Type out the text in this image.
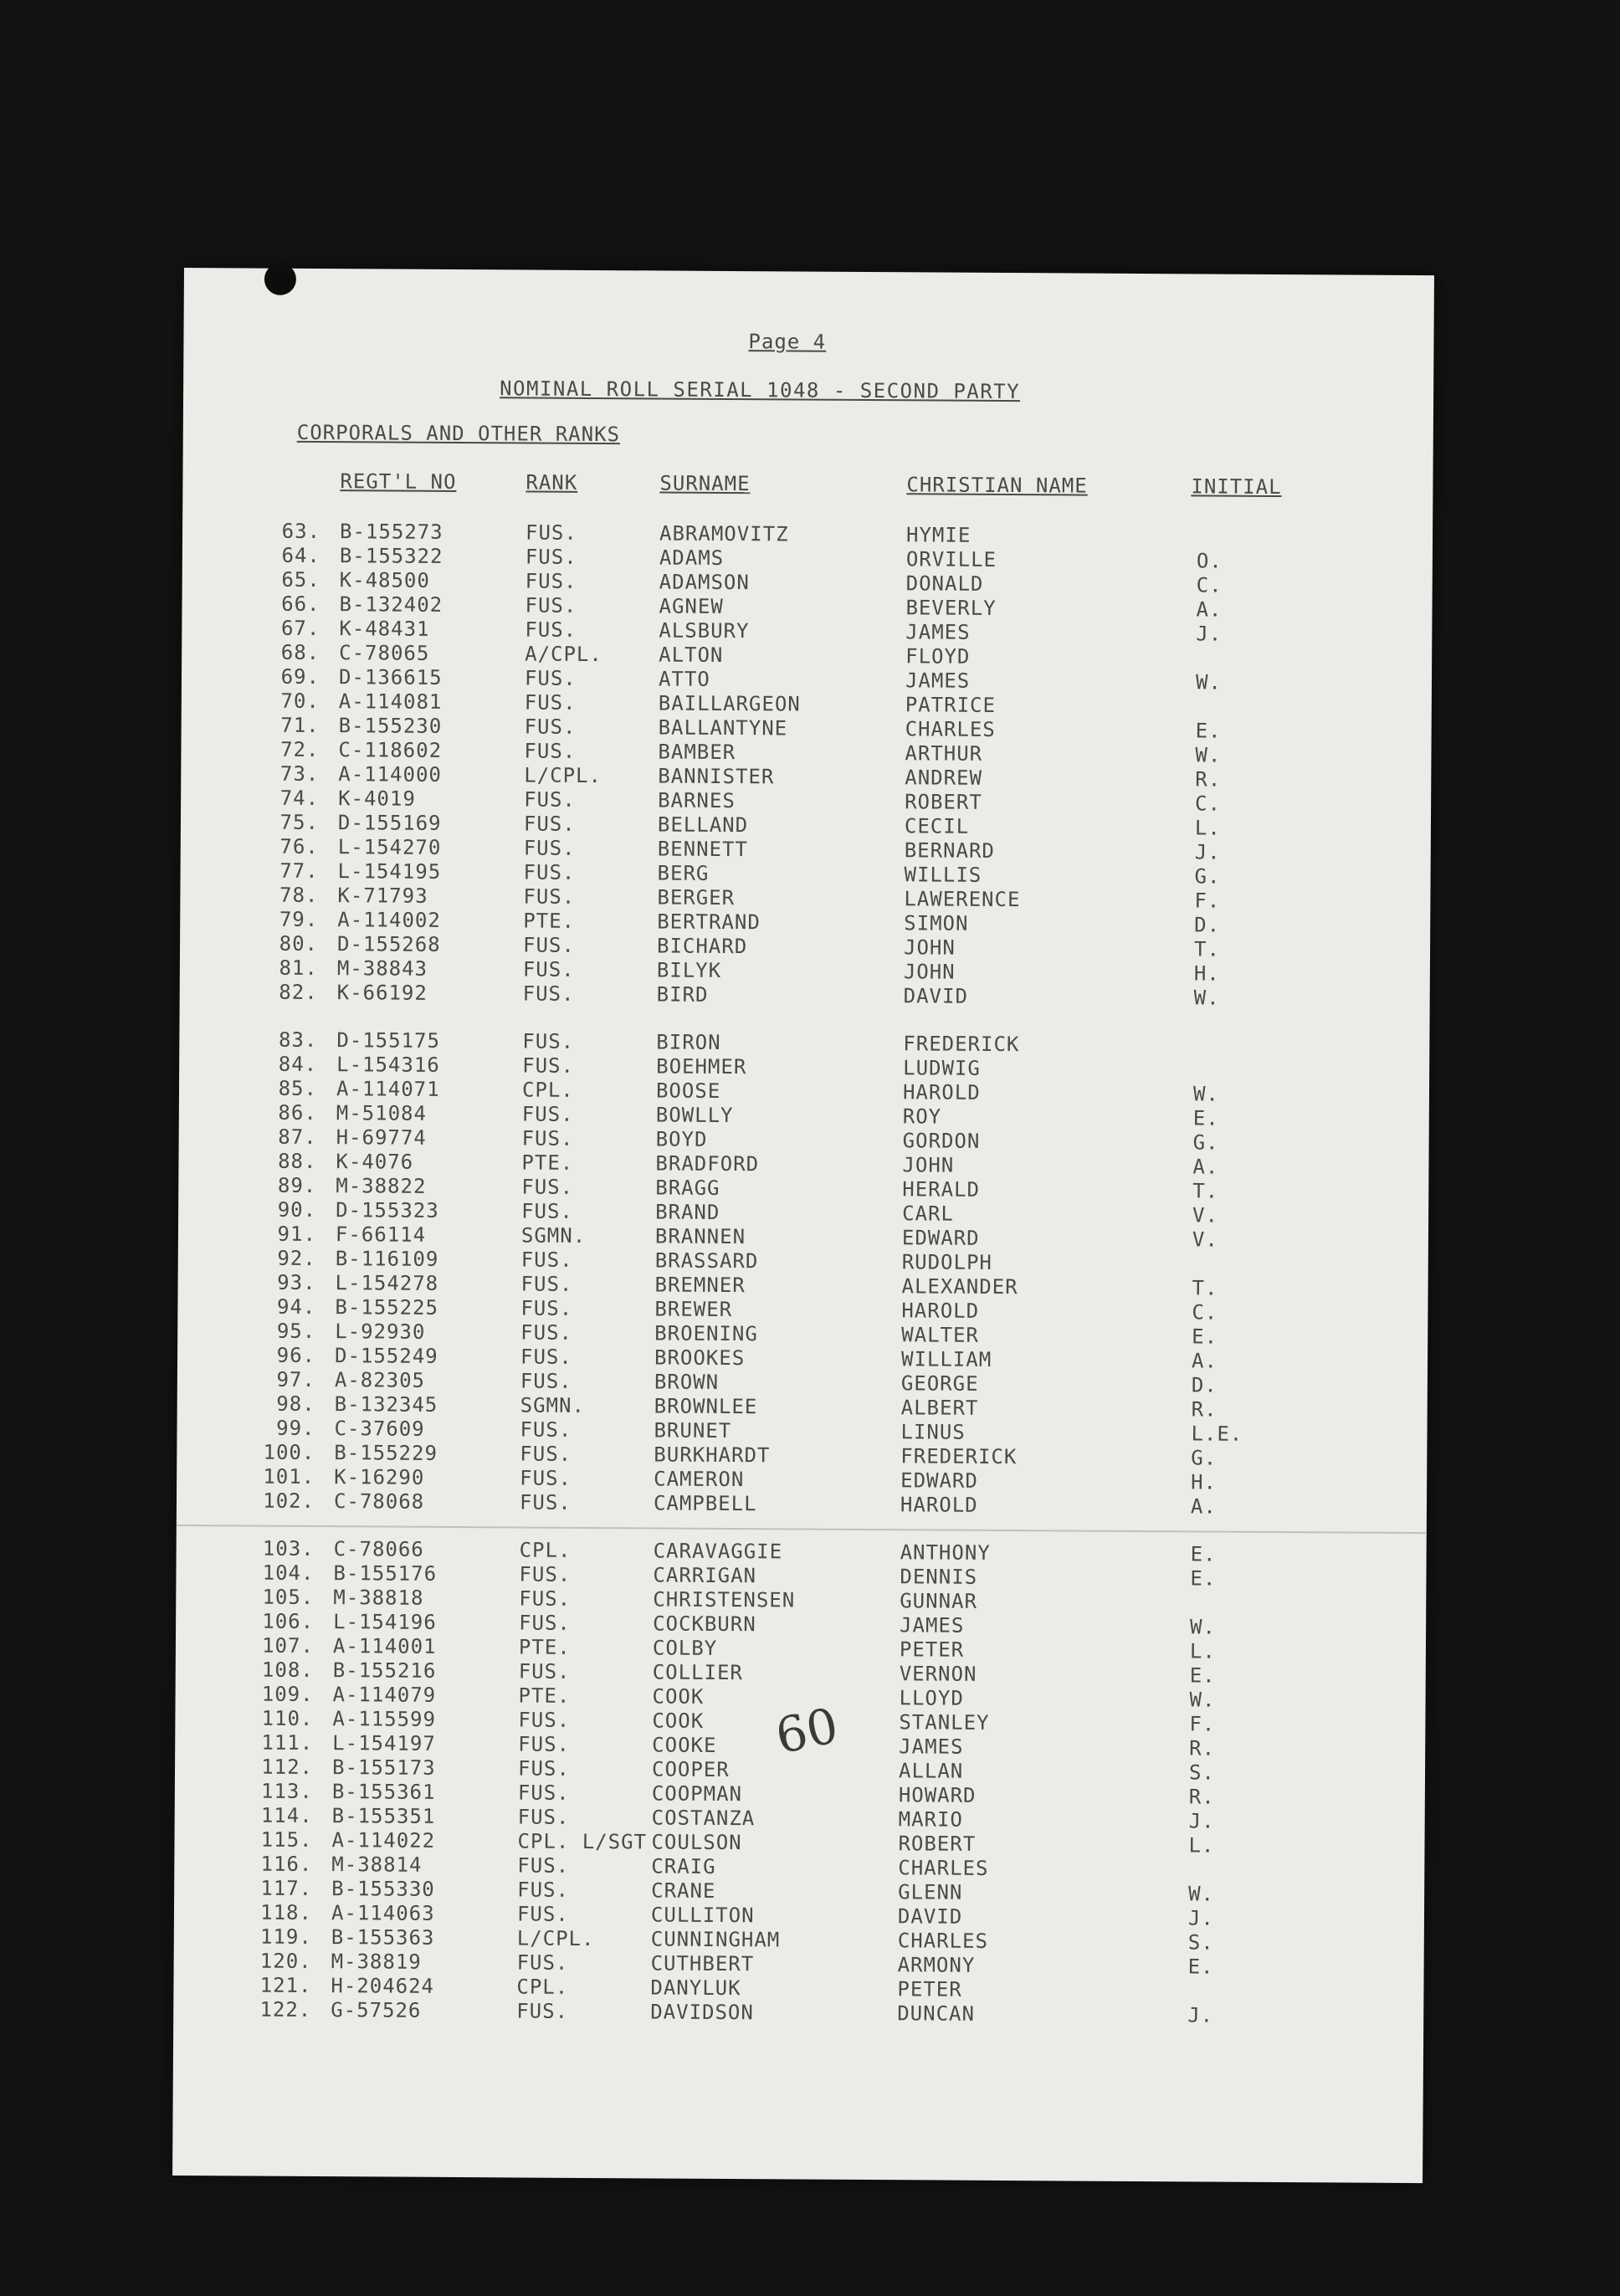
Page 4
NOMINAL ROLL SERIAL 1048 - SECOND PARTY
CORPORALS AND OTHER RANKS
REGT'L NO	RANK	SURNAME	CHRISTIAN NAME	INITIAL
63. B-155273	FUS.	ABRAMOVITZ	HYMIE
64. B-155322	FUS.	ADAMS	ORVILLE	O.
65. K-48500	FUS.	ADAMSON	DONALD	C.
66. B-132402	FUS.	AGNEW	BEVERLY	A.
67. K-48431	FUS.	ALSBURY	JAMES	J.
68. C-78065	A/CPL.	ALTON	FLOYD
69. D-136615	FUS.	ATTO	JAMES	W.
70. A-114081	FUS.	BAILLARGEON	PATRICE
71. B-155230	FUS.	BALLANTYNE	CHARLES	E.
72. C-118602	FUS.	BAMBER	ARTHUR	W.
73. A-114000	L/CPL.	BANNISTER	ANDREW	R.
74. K-4019	FUS.	BARNES	ROBERT	C.
75. D-155169	FUS.	BELLAND	CECIL	L.
76. L-154270	FUS.	BENNETT	BERNARD	J.
77. L-154195	FUS.	BERG	WILLIS	G.
78. K-71793	FUS.	BERGER	LAWERENCE	F.
79. A-114002	PTE.	BERTRAND	SIMON	D.
80. D-155268	FUS.	BICHARD	JOHN	T.
81. M-38843	FUS.	BILYK	JOHN	H.
82. K-66192	FUS.	BIRD	DAVID	W.
83. D-155175	FUS.	BIRON	FREDERICK
84. L-154316	FUS.	BOEHMER	LUDWIG
85. A-114071	CPL.	BOOSE	HAROLD	W.
86. M-51084	FUS.	BOWLLY	ROY	E.
87. H-69774	FUS.	BOYD	GORDON	G.
88. K-4076	PTE.	BRADFORD	JOHN	A.
89. M-38822	FUS.	BRAGG	HERALD	T.
90. D-155323	FUS.	BRAND	CARL	V.
91. F-66114	SGMN.	BRANNEN	EDWARD	V.
92. B-116109	FUS.	BRASSARD	RUDOLPH
93. L-154278	FUS.	BREMNER	ALEXANDER	T.
94. B-155225	FUS.	BREWER	HAROLD	C.
95. L-92930	FUS.	BROENING	WALTER	E.
96. D-155249	FUS.	BROOKES	WILLIAM	A.
97. A-82305	FUS.	BROWN	GEORGE	D.
98. B-132345	SGMN.	BROWNLEE	ALBERT	R.
99. C-37609	FUS.	BRUNET	LINUS	L.E.
100. B-155229	FUS.	BURKHARDT	FREDERICK	G.
101. K-16290	FUS.	CAMERON	EDWARD	H.
102. C-78068	FUS.	CAMPBELL	HAROLD	A.
103. C-78066	CPL.	CARAVAGGIE	ANTHONY	E.
104. B-155176	FUS.	CARRIGAN	DENNIS	E.
105. M-38818	FUS.	CHRISTENSEN	GUNNAR
106. L-154196	FUS.	COCKBURN	JAMES	W.
107. A-114001	PTE.	COLBY	PETER	L.
108. B-155216	FUS.	COLLIER	VERNON	E.
109. A-114079	PTE.	COOK	LLOYD	W.
110. A-115599	FUS.	COOK	STANLEY	F.
111. L-154197	FUS.	COOKE	JAMES	R.
112. B-155173	FUS.	COOPER	ALLAN	S.
113. B-155361	FUS.	COOPMAN	HOWARD	R.
114. B-155351	FUS.	COSTANZA	MARIO	J.
115. A-114022	CPL. L/SGT COULSON	ROBERT	L.
116. M-38814	FUS.	CRAIG	CHARLES
117. B-155330	FUS.	CRANE	GLENN	W.
118. A-114063	FUS.	CULLITON	DAVID	J.
119. B-155363	L/CPL.	CUNNINGHAM	CHARLES	S.
120. M-38819	FUS.	CUTHBERT	ARMONY	E.
121. H-204624	CPL.	DANYLUK	PETER
122. G-57526	FUS.	DAVIDSON	DUNCAN	J.
60
